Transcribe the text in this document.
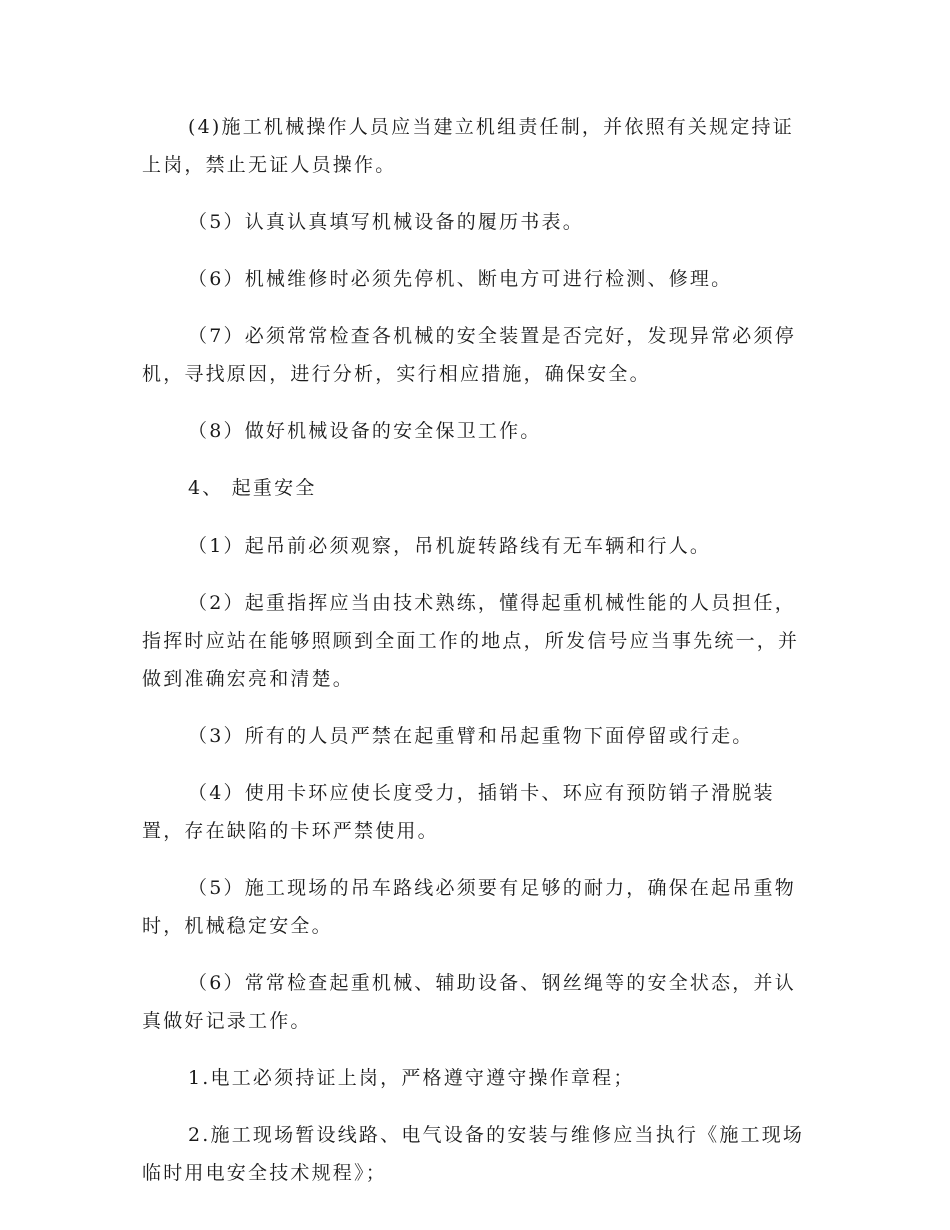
(4)施工机械操作人员应当建立机组责任制，并依照有关规定持证上岗，禁止无证人员操作。

（5）认真认真填写机械设备的履历书表。

（6）机械维修时必须先停机、断电方可进行检测、修理。

（7）必须常常检查各机械的安全装置是否完好，发现异常必须停机，寻找原因，进行分析，实行相应措施，确保安全。

（8）做好机械设备的安全保卫工作。

4、 起重安全

（1）起吊前必须观察，吊机旋转路线有无车辆和行人。

（2）起重指挥应当由技术熟练，懂得起重机械性能的人员担任，指挥时应站在能够照顾到全面工作的地点，所发信号应当事先统一，并做到准确宏亮和清楚。

（3）所有的人员严禁在起重臂和吊起重物下面停留或行走。

（4）使用卡环应使长度受力，插销卡、环应有预防销子滑脱装置，存在缺陷的卡环严禁使用。

（5）施工现场的吊车路线必须要有足够的耐力，确保在起吊重物时，机械稳定安全。

（6）常常检查起重机械、辅助设备、钢丝绳等的安全状态，并认真做好记录工作。

1.电工必须持证上岗，严格遵守遵守操作章程；

2.施工现场暂设线路、电气设备的安装与维修应当执行《施工现场临时用电安全技术规程》；
